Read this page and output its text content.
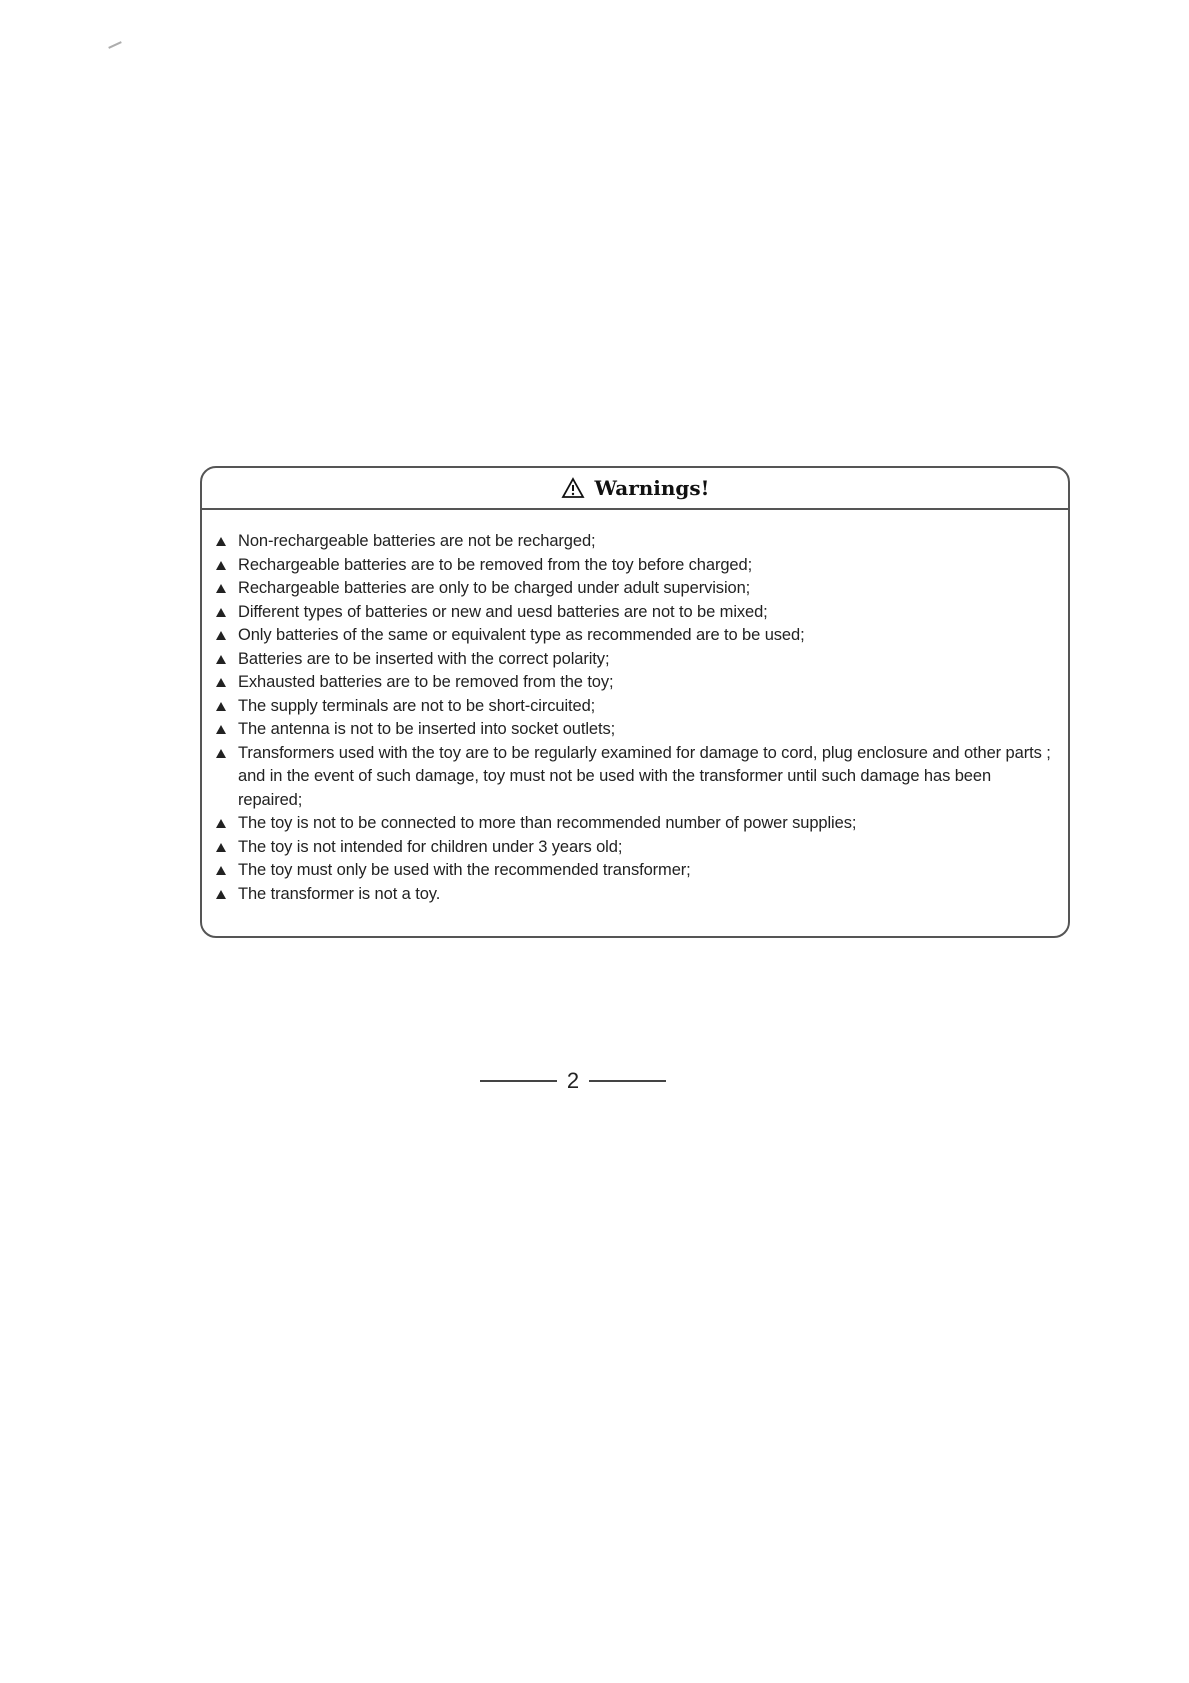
Warnings!
Non-rechargeable batteries are not be recharged;
Rechargeable batteries are to be removed from the toy before charged;
Rechargeable batteries are only to be charged under adult supervision;
Different types of batteries or new and uesd batteries are not to be mixed;
Only batteries of the same or equivalent type as recommended are to be used;
Batteries are to be inserted with the correct polarity;
Exhausted batteries are to be removed from the toy;
The supply terminals are not to be short-circuited;
The antenna is not to be inserted into socket outlets;
Transformers used with the toy are to be regularly examined for damage to cord, plug enclosure and other parts ; and in the event of such damage, toy must not be used with the transformer until such damage has been repaired;
The toy is not to be connected to more than recommended number of power supplies;
The toy is not intended for children under 3 years old;
The toy must only be used with the recommended transformer;
The transformer is not a toy.
2
